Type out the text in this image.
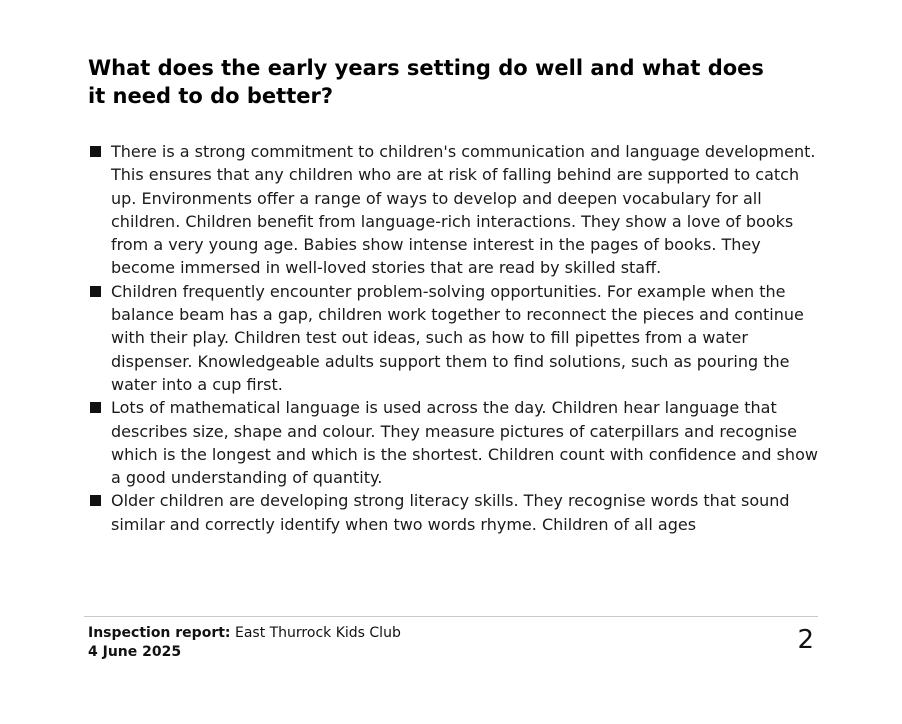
What does the early years setting do well and what does it need to do better?
There is a strong commitment to children's communication and language development. This ensures that any children who are at risk of falling behind are supported to catch up. Environments offer a range of ways to develop and deepen vocabulary for all children. Children benefit from language-rich interactions. They show a love of books from a very young age. Babies show intense interest in the pages of books. They become immersed in well-loved stories that are read by skilled staff.
Children frequently encounter problem-solving opportunities. For example when the balance beam has a gap, children work together to reconnect the pieces and continue with their play. Children test out ideas, such as how to fill pipettes from a water dispenser. Knowledgeable adults support them to find solutions, such as pouring the water into a cup first.
Lots of mathematical language is used across the day. Children hear language that describes size, shape and colour. They measure pictures of caterpillars and recognise which is the longest and which is the shortest. Children count with confidence and show a good understanding of quantity.
Older children are developing strong literacy skills. They recognise words that sound similar and correctly identify when two words rhyme. Children of all ages
Inspection report: East Thurrock Kids Club
4 June 2025	2
